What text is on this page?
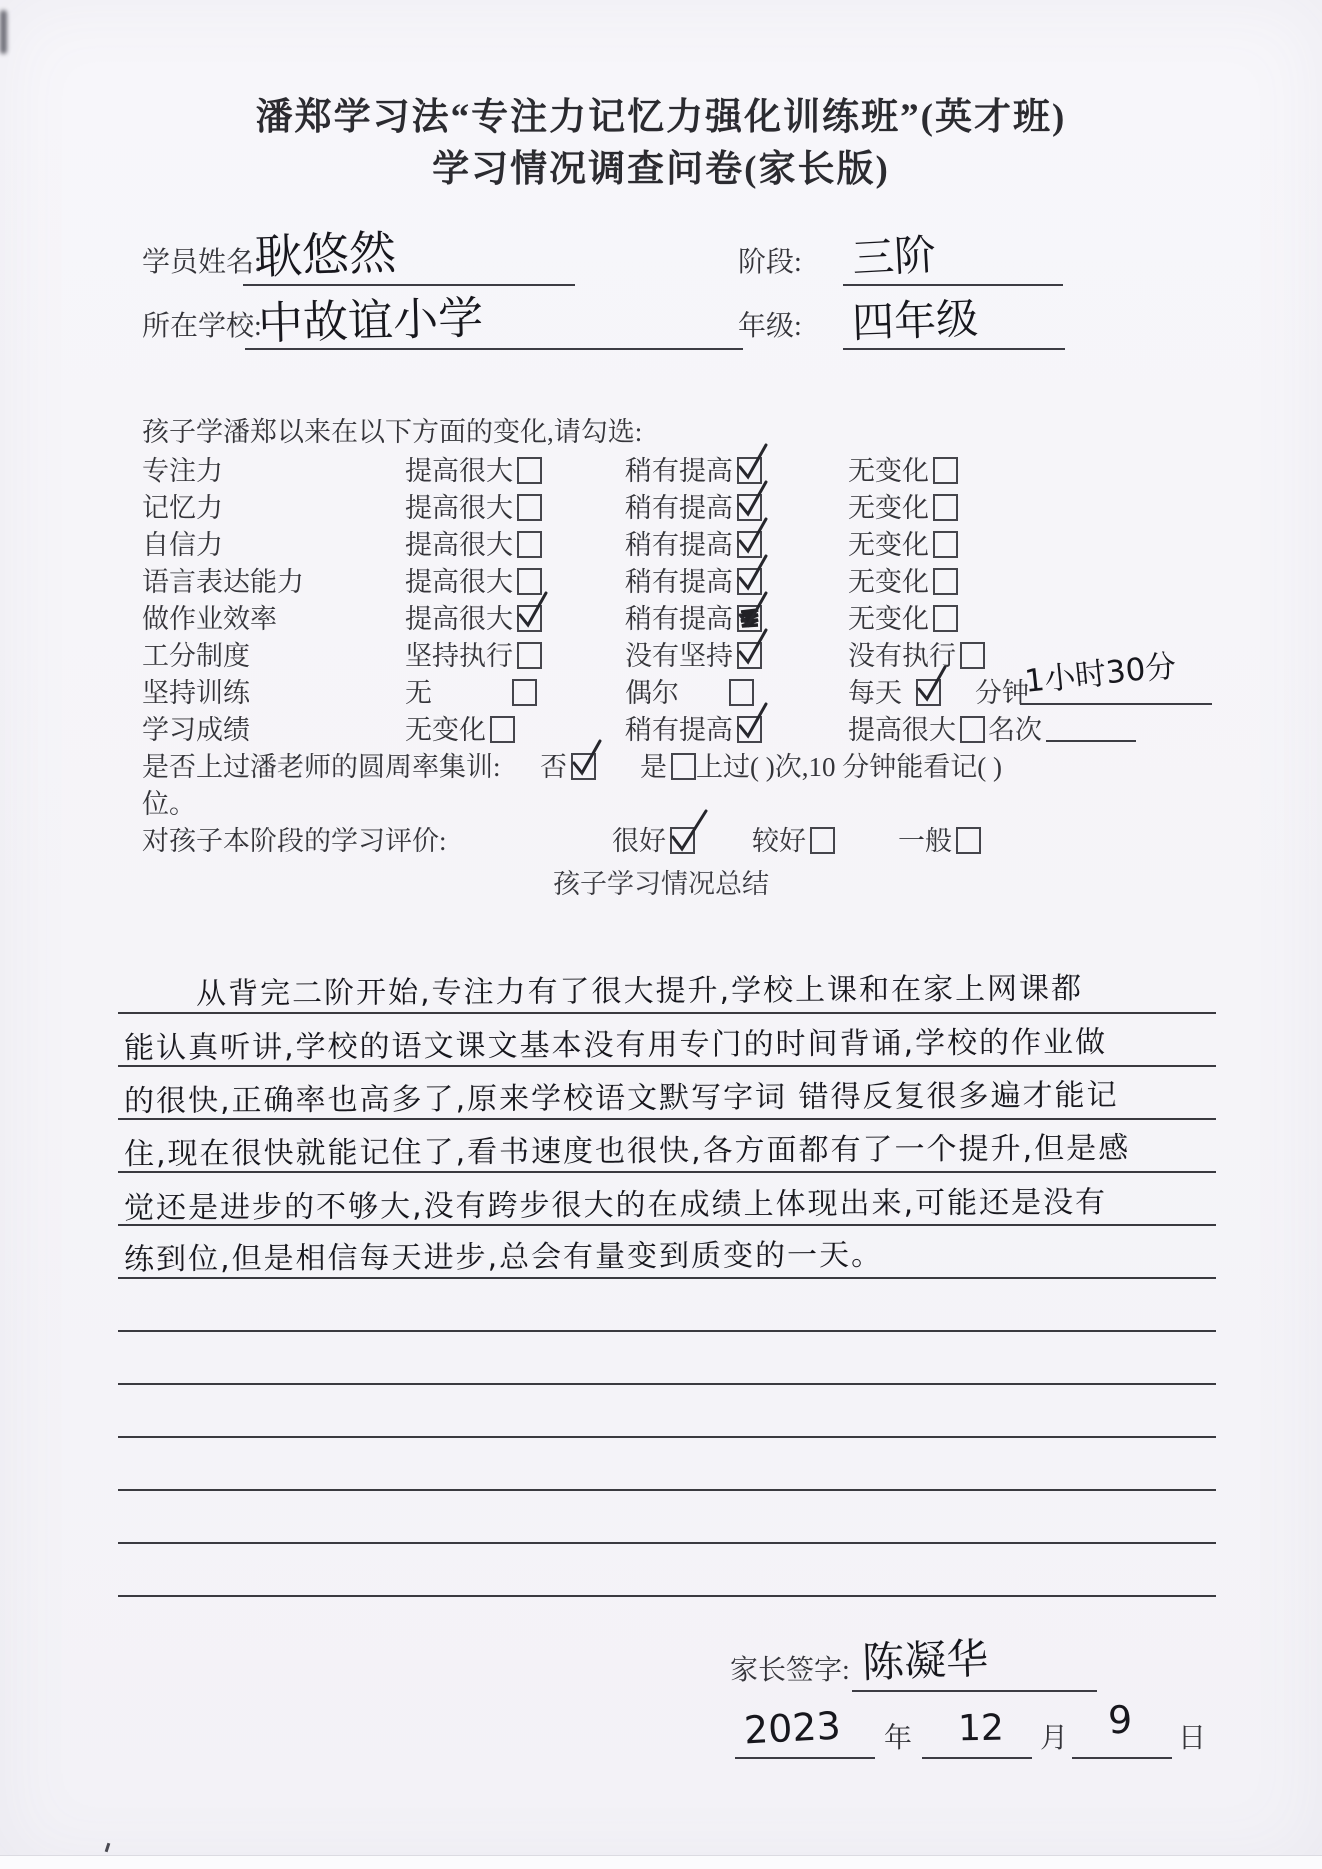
潘郑学习法“专注力记忆力强化训练班”(英才班)
学习情况调查问卷(家长版)
学员姓名:
耿悠然	阶段: 三阶
所在学校:
中故谊小学	年级: 四年级
孩子学潘郑以来在以下方面的变化,请勾选:
专注力	提高很大	稍有提高	无变化
记忆力	提高很大	稍有提高	无变化
自信力	提高很大	稍有提高	无变化
语言表达能力	提高很大	稍有提高	无变化
做作业效率	提高很大	稍有提高	无变化
工分制度	坚持执行	没有坚持	没有执行
坚持训练	无	偶尔	每天	分钟
1小时30分
学习成绩	无变化	稍有提高	提高很大	名次
是否上过潘老师的圆周率集训: 否	是 上过( )次,10 分钟能看记( )
位。
对孩子本阶段的学习评价:	很好	较好	一般
孩子学习情况总结
从背完二阶开始,专注力有了很大提升,学校上课和在家上网课都
能认真听讲,学校的语文课文基本没有用专门的时间背诵,学校的作业做
的很快,正确率也高多了,原来学校语文默写字词 错得反复很多遍才能记
住,现在很快就能记住了,看书速度也很快,各方面都有了一个提升,但是感
觉还是进步的不够大,没有跨步很大的在成绩上体现出来,可能还是没有
练到位,但是相信每天进步,总会有量变到质变的一天。
家长签字: 陈凝华
2023 年 12 月 9 日
